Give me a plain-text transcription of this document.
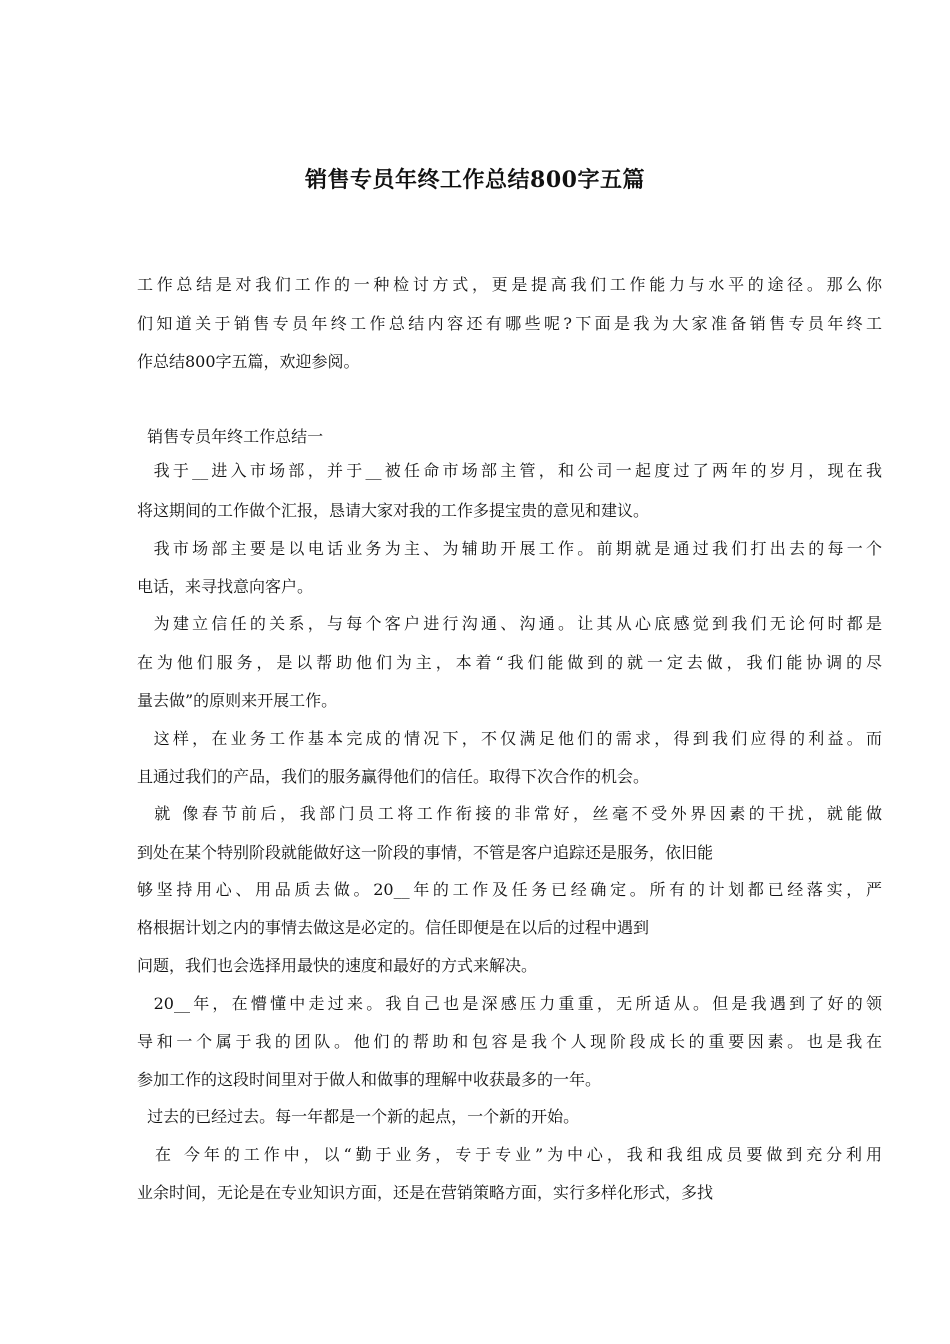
销售专员年终工作总结800字五篇
工作总结是对我们工作的一种检讨方式，更是提高我们工作能力与水平的途径。那么你
们知道关于销售专员年终工作总结内容还有哪些呢?下面是我为大家准备销售专员年终工
作总结800字五篇，欢迎参阅。
销售专员年终工作总结一
我于__进入市场部，并于__被任命市场部主管，和公司一起度过了两年的岁月，现在我
将这期间的工作做个汇报，恳请大家对我的工作多提宝贵的意见和建议。
我市场部主要是以电话业务为主、为辅助开展工作。前期就是通过我们打出去的每一个
电话，来寻找意向客户。
为建立信任的关系，与每个客户进行沟通、沟通。让其从心底感觉到我们无论何时都是
在为他们服务，是以帮助他们为主，本着“我们能做到的就一定去做，我们能协调的尽
量去做”的原则来开展工作。
这样，在业务工作基本完成的情况下，不仅满足他们的需求，得到我们应得的利益。而
且通过我们的产品，我们的服务赢得他们的信任。取得下次合作的机会。
就 像春节前后，我部门员工将工作衔接的非常好，丝毫不受外界因素的干扰，就能做
到处在某个特别阶段就能做好这一阶段的事情，不管是客户追踪还是服务，依旧能
够坚持用心、用品质去做。20__年的工作及任务已经确定。所有的计划都已经落实，严
格根据计划之内的事情去做这是必定的。信任即便是在以后的过程中遇到
问题，我们也会选择用最快的速度和最好的方式来解决。
20__年，在懵懂中走过来。我自己也是深感压力重重，无所适从。但是我遇到了好的领
导和一个属于我的团队。他们的帮助和包容是我个人现阶段成长的重要因素。也是我在
参加工作的这段时间里对于做人和做事的理解中收获最多的一年。
过去的已经过去。每一年都是一个新的起点，一个新的开始。
在 今年的工作中，以“勤于业务，专于专业”为中心，我和我组成员要做到充分利用
业余时间，无论是在专业知识方面，还是在营销策略方面，实行多样化形式，多找
